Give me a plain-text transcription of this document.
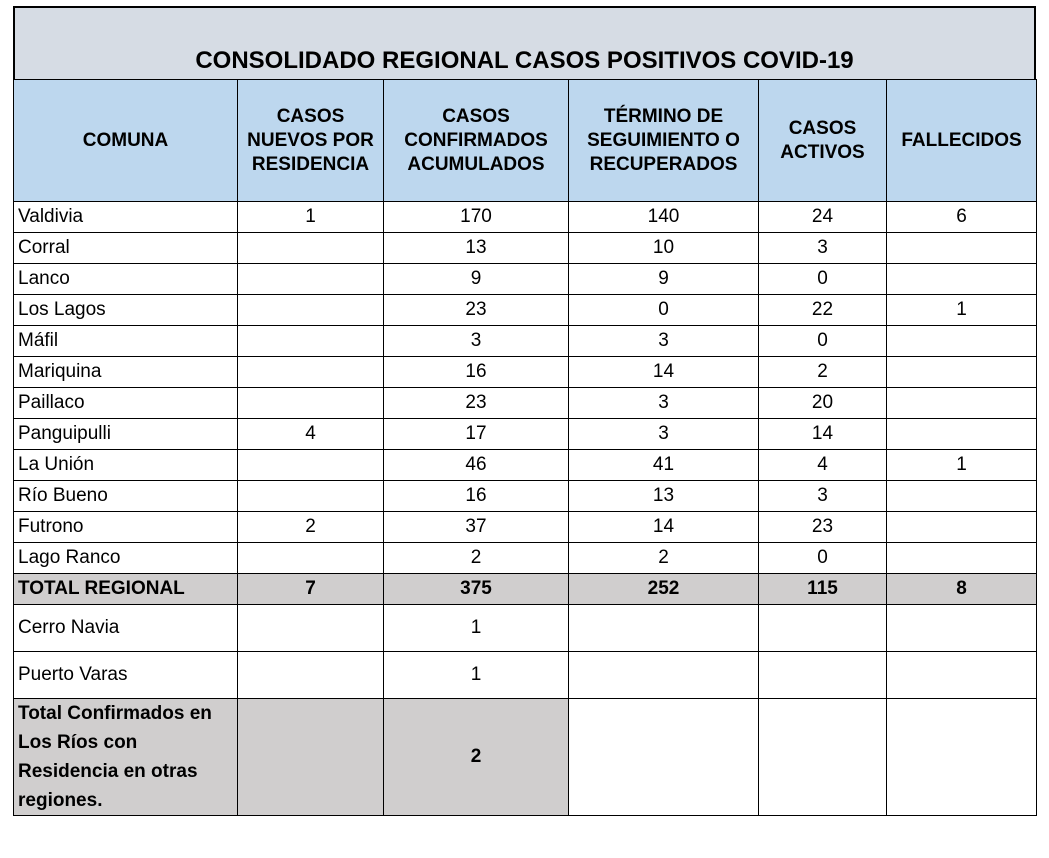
CONSOLIDADO REGIONAL CASOS POSITIVOS COVID-19
COMUNA	CASOS NUEVOS POR RESIDENCIA	CASOS CONFIRMADOS ACUMULADOS	TÉRMINO DE SEGUIMIENTO O RECUPERADOS	CASOS ACTIVOS	FALLECIDOS
Valdivia	1	170	140	24	6
Corral		13	10	3	
Lanco		9	9	0	
Los Lagos		23	0	22	1
Máfil		3	3	0	
Mariquina		16	14	2	
Paillaco		23	3	20	
Panguipulli	4	17	3	14	
La Unión		46	41	4	1
Río Bueno		16	13	3	
Futrono	2	37	14	23	
Lago Ranco		2	2	0	
TOTAL REGIONAL	7	375	252	115	8
Cerro Navia		1			
Puerto Varas		1			
Total Confirmados en Los Ríos con Residencia en otras regiones.		2			
